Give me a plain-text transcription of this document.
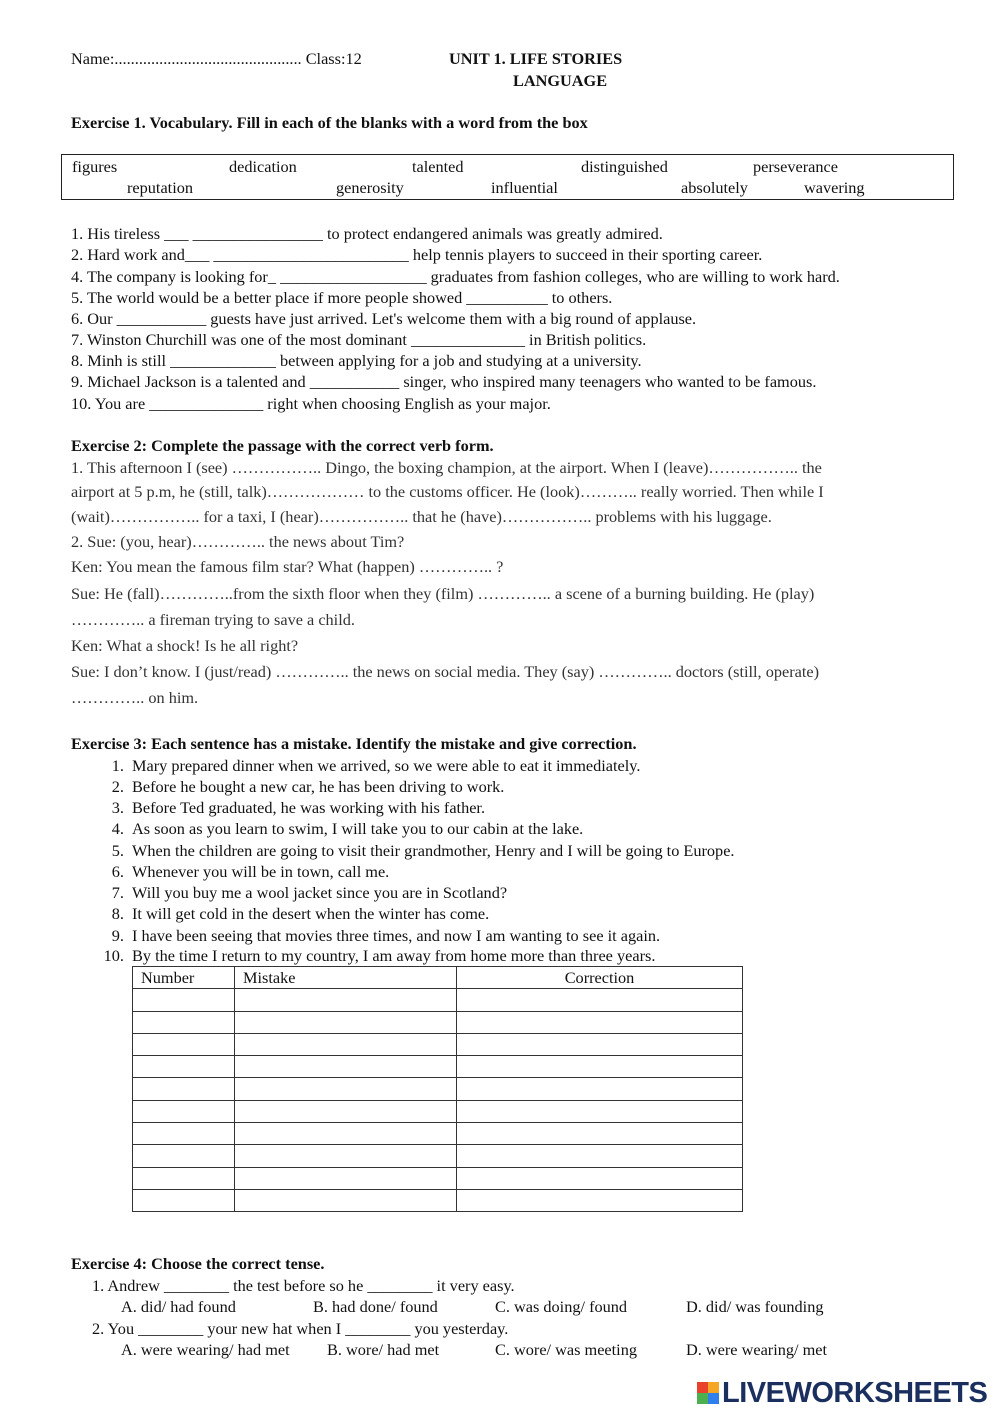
Name:.............................................. Class:12	UNIT 1. LIFE STORIES
LANGUAGE
Exercise 1. Vocabulary. Fill in each of the blanks with a word from the box
figures	dedication	talented	distinguished	perseverance
reputation	generosity	influential	absolutely	wavering
1. His tireless ___ ________________ to protect endangered animals was greatly admired.
2. Hard work and___ ________________________ help tennis players to succeed in their sporting career.
4. The company is looking for_ __________________ graduates from fashion colleges, who are willing to work hard.
5. The world would be a better place if more people showed __________ to others.
6. Our ___________ guests have just arrived. Let's welcome them with a big round of applause.
7. Winston Churchill was one of the most dominant ______________ in British politics.
8. Minh is still _____________ between applying for a job and studying at a university.
9. Michael Jackson is a talented and ___________ singer, who inspired many teenagers who wanted to be famous.
10. You are ______________ right when choosing English as your major.
Exercise 2: Complete the passage with the correct verb form.
1. This afternoon I (see) …………….. Dingo, the boxing champion, at the airport. When I (leave)…………….. the
airport at 5 p.m, he (still, talk)……………… to the customs officer. He (look)……….. really worried. Then while I
(wait)…………….. for a taxi, I (hear)…………….. that he (have)…………….. problems with his luggage.
2. Sue: (you, hear)………….. the news about Tim?
Ken: You mean the famous film star? What (happen) ………….. ?
Sue: He (fall)…………..from the sixth floor when they (film) ………….. a scene of a burning building. He (play)
………….. a fireman trying to save a child.
Ken: What a shock! Is he all right?
Sue: I don’t know. I (just/read) ………….. the news on social media. They (say) ………….. doctors (still, operate)
………….. on him.
Exercise 3: Each sentence has a mistake. Identify the mistake and give correction.
1. Mary prepared dinner when we arrived, so we were able to eat it immediately.
2. Before he bought a new car, he has been driving to work.
3. Before Ted graduated, he was working with his father.
4. As soon as you learn to swim, I will take you to our cabin at the lake.
5. When the children are going to visit their grandmother, Henry and I will be going to Europe.
6. Whenever you will be in town, call me.
7. Will you buy me a wool jacket since you are in Scotland?
8. It will get cold in the desert when the winter has come.
9. I have been seeing that movies three times, and now I am wanting to see it again.
10. By the time I return to my country, I am away from home more than three years.
Number	Mistake	Correction

Exercise 4: Choose the correct tense.
1. Andrew ________ the test before so he ________ it very easy.
A. did/ had found	B. had done/ found	C. was doing/ found	D. did/ was founding
2. You ________ your new hat when I ________ you yesterday.
A. were wearing/ had met B. wore/ had met	C. wore/ was meeting	D. were wearing/ met
LIVEWORKSHEETS
